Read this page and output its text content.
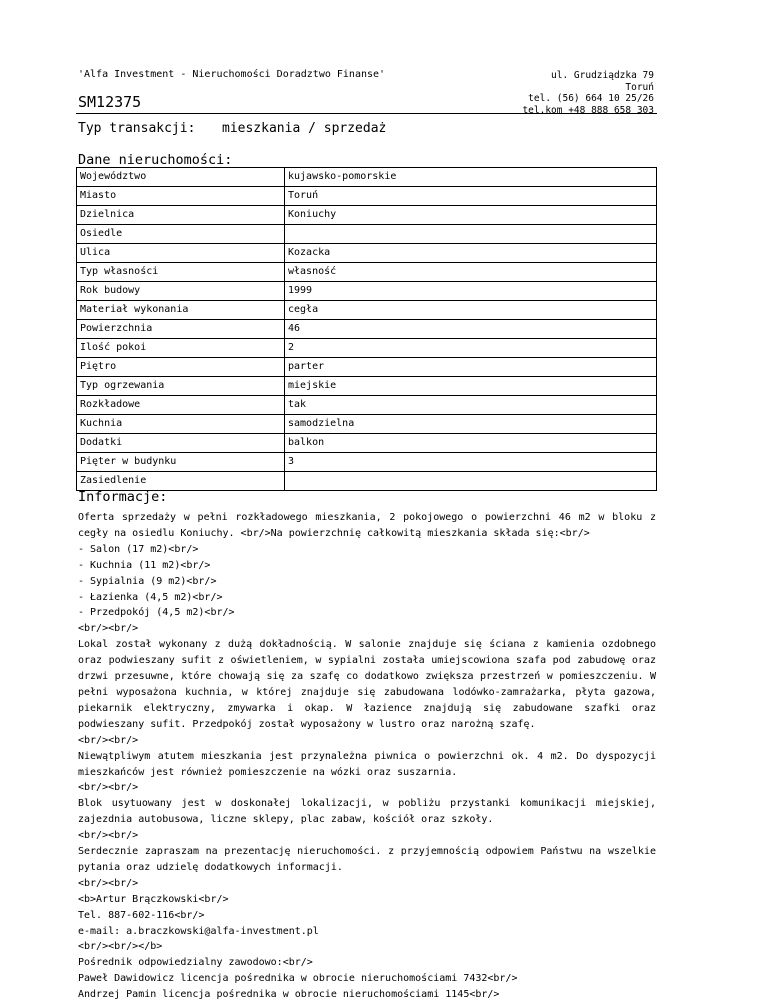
'Alfa Investment - Nieruchomości Doradztwo Finanse'	ul. Grudziądzka 79
Toruń
tel. (56) 664 10 25/26
tel.kom +48 888 658 303
SM12375
Typ transakcji: mieszkania / sprzedaż
Dane nieruchomości:
Województwo	kujawsko-pomorskie
Miasto	Toruń
Dzielnica	Koniuchy
Osiedle	
Ulica	Kozacka
Typ własności	własność
Rok budowy	1999
Materiał wykonania	cegła
Powierzchnia	46
Ilość pokoi	2
Piętro	parter
Typ ogrzewania	miejskie
Rozkładowe	tak
Kuchnia	samodzielna
Dodatki	balkon
Pięter w budynku	3
Zasiedlenie	
Informacje:

Oferta sprzedaży w pełni rozkładowego mieszkania, 2 pokojowego o powierzchni 46 m2 w bloku z cegły na osiedlu Koniuchy. <br/>Na powierzchnię całkowitą mieszkania składa się:<br/>

- Salon (17 m2)<br/>

- Kuchnia (11 m2)<br/>

- Sypialnia (9 m2)<br/>

- Łazienka (4,5 m2)<br/>

- Przedpokój (4,5 m2)<br/>

<br/><br/>

Lokal został wykonany z dużą dokładnością. W salonie znajduje się ściana z kamienia ozdobnego oraz podwieszany sufit z oświetleniem, w sypialni została umiejscowiona szafa pod zabudowę oraz drzwi przesuwne, które chowają się za szafę co dodatkowo zwiększa przestrzeń w pomieszczeniu. W pełni wyposażona kuchnia, w której znajduje się zabudowana lodówko-zamrażarka, płyta gazowa, piekarnik elektryczny, zmywarka i okap. W łazience znajdują się zabudowane szafki oraz podwieszany sufit. Przedpokój został wyposażony w lustro oraz narożną szafę.

<br/><br/>

Niewątpliwym atutem mieszkania jest przynależna piwnica o powierzchni ok. 4 m2. Do dyspozycji mieszkańców jest również pomieszczenie na wózki oraz suszarnia.

<br/><br/>

Blok usytuowany jest w doskonałej lokalizacji, w pobliżu przystanki komunikacji miejskiej, zajezdnia autobusowa, liczne sklepy, plac zabaw, kościół oraz szkoły.

<br/><br/>

Serdecznie zapraszam na prezentację nieruchomości. z przyjemnością odpowiem Państwu na wszelkie pytania oraz udzielę dodatkowych informacji.

<br/><br/>

<b>Artur Brączkowski<br/>

Tel. 887-602-116<br/>

e-mail: a.braczkowski@alfa-investment.pl

<br/><br/></b>

Pośrednik odpowiedzialny zawodowo:<br/>

Paweł Dawidowicz licencja pośrednika w obrocie nieruchomościami 7432<br/>

Andrzej Pamin licencja pośrednika w obrocie nieruchomościami 1145<br/>
